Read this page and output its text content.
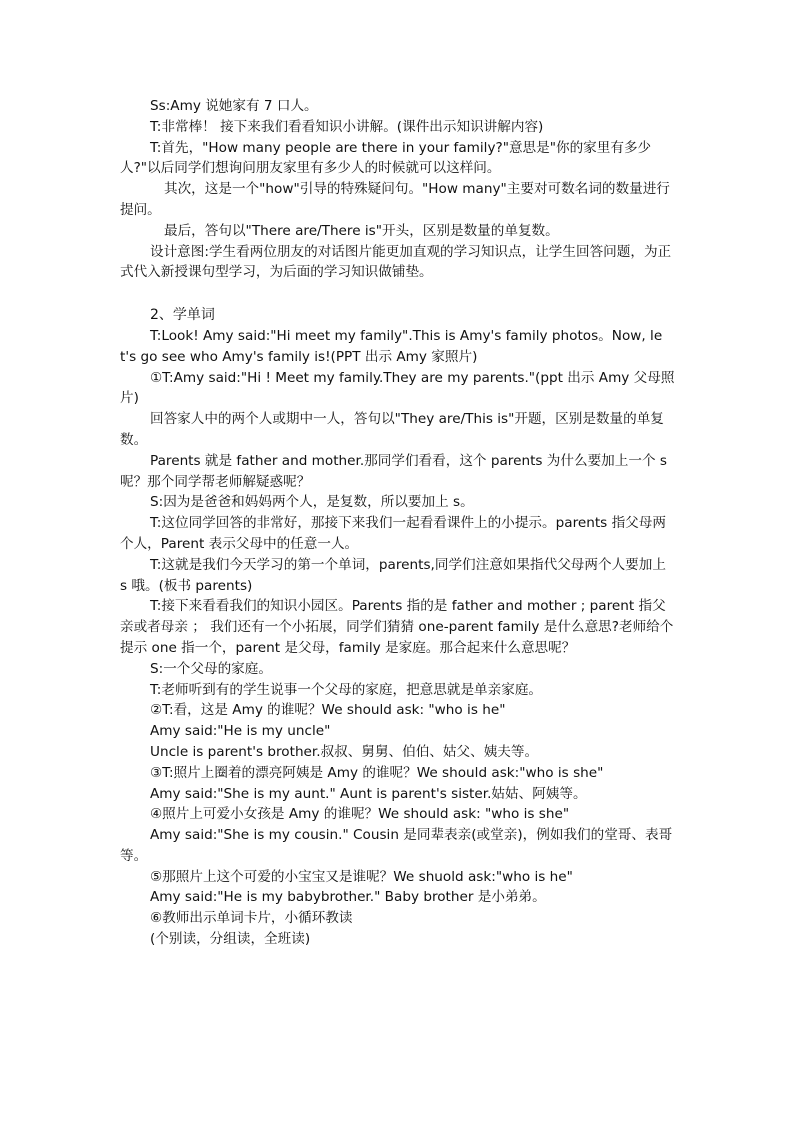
Ss:Amy 说她家有 7 口人。

T:非常棒！ 接下来我们看看知识小讲解。(课件出示知识讲解内容)

T:首先，"How many people are there in your family?"意思是"你的家里有多少人?"以后同学们想询问朋友家里有多少人的时候就可以这样问。

其次，这是一个"how"引导的特殊疑问句。"How many"主要对可数名词的数量进行提问。

最后，答句以"There are/There is"开头，区别是数量的单复数。

设计意图:学生看两位朋友的对话图片能更加直观的学习知识点，让学生回答问题，为正式代入新授课句型学习，为后面的学习知识做铺垫。

2、学单词

T:Look! Amy said:"Hi meet my family".This is Amy's family photos。Now, let's go see who Amy's family is!(PPT 出示 Amy 家照片)

①T:Amy said:"Hi ! Meet my family.They are my parents."(ppt 出示 Amy 父母照片)

回答家人中的两个人或期中一人，答句以"They are/This is"开题，区别是数量的单复数。

Parents 就是 father and mother.那同学们看看，这个 parents 为什么要加上一个 s 呢？那个同学帮老师解疑惑呢？

S:因为是爸爸和妈妈两个人，是复数，所以要加上 s。

T:这位同学回答的非常好，那接下来我们一起看看课件上的小提示。parents 指父母两个人，Parent 表示父母中的任意一人。

T:这就是我们今天学习的第一个单词，parents,同学们注意如果指代父母两个人要加上 s 哦。(板书 parents)

T:接下来看看我们的知识小园区。Parents 指的是 father and mother ; parent 指父亲或者母亲 ； 我们还有一个小拓展，同学们猜猜 one-parent family 是什么意思?老师给个提示 one 指一个，parent 是父母，family 是家庭。那合起来什么意思呢？

S:一个父母的家庭。

T:老师听到有的学生说事一个父母的家庭，把意思就是单亲家庭。

②T:看，这是 Amy 的谁呢？We should ask: "who is he"

Amy said:"He is my uncle"

Uncle is parent's brother.叔叔、舅舅、伯伯、姑父、姨夫等。

③T:照片上圈着的漂亮阿姨是 Amy 的谁呢？We should ask:"who is she"

Amy said:"She is my aunt." Aunt is parent's sister.姑姑、阿姨等。

④照片上可爱小女孩是 Amy 的谁呢？We should ask: "who is she"

Amy said:"She is my cousin." Cousin 是同辈表亲(或堂亲)，例如我们的堂哥、表哥等。

⑤那照片上这个可爱的小宝宝又是谁呢？We shuold ask:"who is he"

Amy said:"He is my babybrother." Baby brother 是小弟弟。

⑥教师出示单词卡片，小循环教读

(个别读，分组读，全班读)
